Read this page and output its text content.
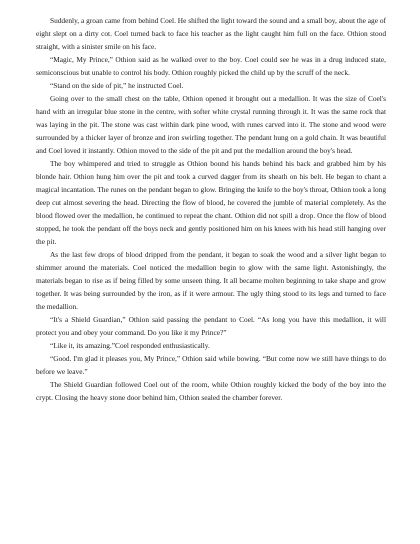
Suddenly, a groan came from behind Coel. He shifted the light toward the sound and a small boy, about the age of eight slept on a dirty cot. Coel turned back to face his teacher as the light caught him full on the face. Othion stood straight, with a sinister smile on his face.

“Magic, My Prince,” Othion said as he walked over to the boy. Coel could see he was in a drug induced state, semiconscious but unable to control his body. Othion roughly picked the child up by the scruff of the neck.

“Stand on the side of pit,” he instructed Coel.

Going over to the small chest on the table, Othion opened it brought out a medallion. It was the size of Coel's hand with an irregular blue stone in the centre, with softer white crystal running through it. It was the same rock that was laying in the pit. The stone was cast within dark pine wood, with runes carved into it. The stone and wood were surrounded by a thicker layer of bronze and iron swirling together. The pendant hung on a gold chain. It was beautiful and Coel loved it instantly. Othion moved to the side of the pit and put the medallion around the boy's head.

The boy whimpered and tried to struggle as Othion bound his hands behind his back and grabbed him by his blonde hair. Othion hung him over the pit and took a curved dagger from its sheath on his belt. He began to chant a magical incantation. The runes on the pendant began to glow. Bringing the knife to the boy's throat, Othion took a long deep cut almost severing the head. Directing the flow of blood, he covered the jumble of material completely. As the blood flowed over the medallion, he continued to repeat the chant. Othion did not spill a drop. Once the flow of blood stopped, he took the pendant off the boys neck and gently positioned him on his knees with his head still hanging over the pit.

As the last few drops of blood dripped from the pendant, it began to soak the wood and a silver light began to shimmer around the materials. Coel noticed the medallion begin to glow with the same light. Astonishingly, the materials began to rise as if being filled by some unseen thing. It all became molten beginning to take shape and grow together. It was being surrounded by the iron, as if it were armour. The ugly thing stood to its legs and turned to face the medallion.

“It's a Shield Guardian,” Othion said passing the pendant to Coel. “As long you have this medallion, it will protect you and obey your command. Do you like it my Prince?”

“Like it, its amazing.”Coel responded enthusiastically.

“Good. I'm glad it pleases you, My Prince,” Othion said while bowing. “But come now we still have things to do before we leave.”

The Shield Guardian followed Coel out of the room, while Othion roughly kicked the body of the boy into the crypt. Closing the heavy stone door behind him, Othion sealed the chamber forever.
